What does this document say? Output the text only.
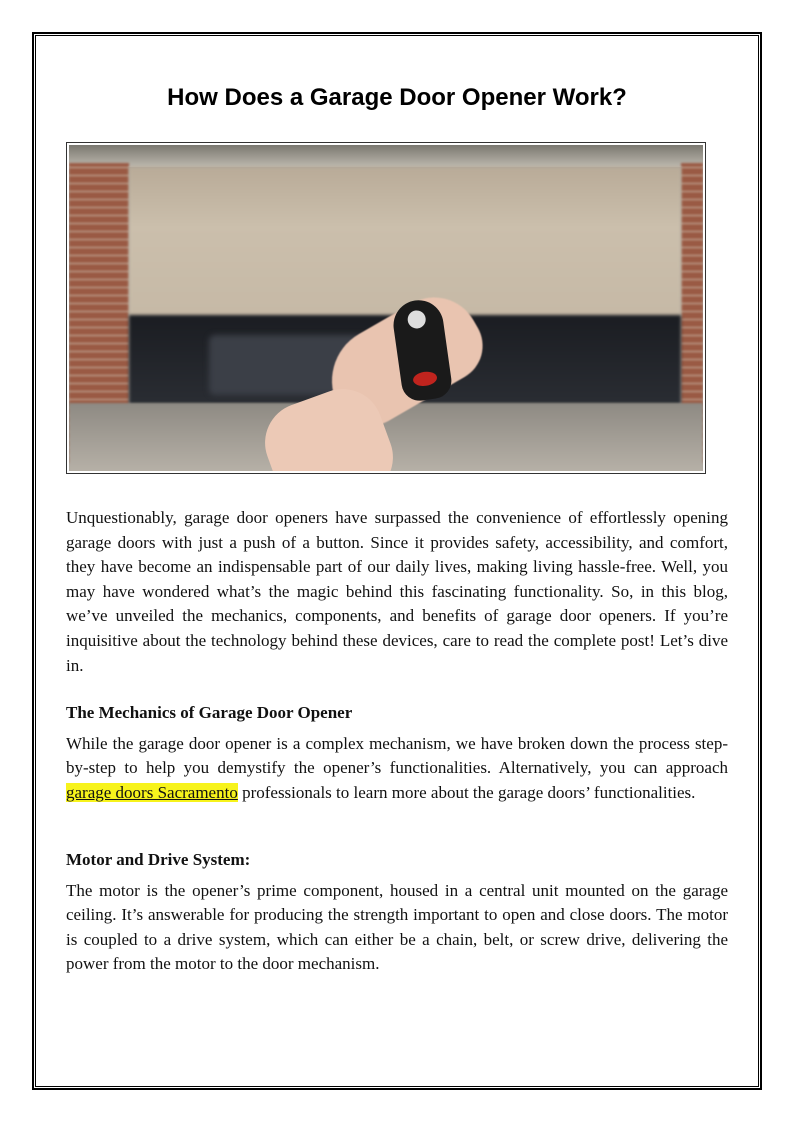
How Does a Garage Door Opener Work?

Unquestionably, garage door openers have surpassed the convenience of effortlessly opening garage doors with just a push of a button. Since it provides safety, accessibility, and comfort, they have become an indispensable part of our daily lives, making living hassle-free. Well, you may have wondered what’s the magic behind this fascinating functionality. So, in this blog, we’ve unveiled the mechanics, components, and benefits of garage door openers. If you’re inquisitive about the technology behind these devices, care to read the complete post! Let’s dive in.

The Mechanics of Garage Door Opener

While the garage door opener is a complex mechanism, we have broken down the process step-by-step to help you demystify the opener’s functionalities. Alternatively, you can approach garage doors Sacramento professionals to learn more about the garage doors’ functionalities.

Motor and Drive System:

The motor is the opener’s prime component, housed in a central unit mounted on the garage ceiling. It’s answerable for producing the strength important to open and close doors. The motor is coupled to a drive system, which can either be a chain, belt, or screw drive, delivering the power from the motor to the door mechanism.
